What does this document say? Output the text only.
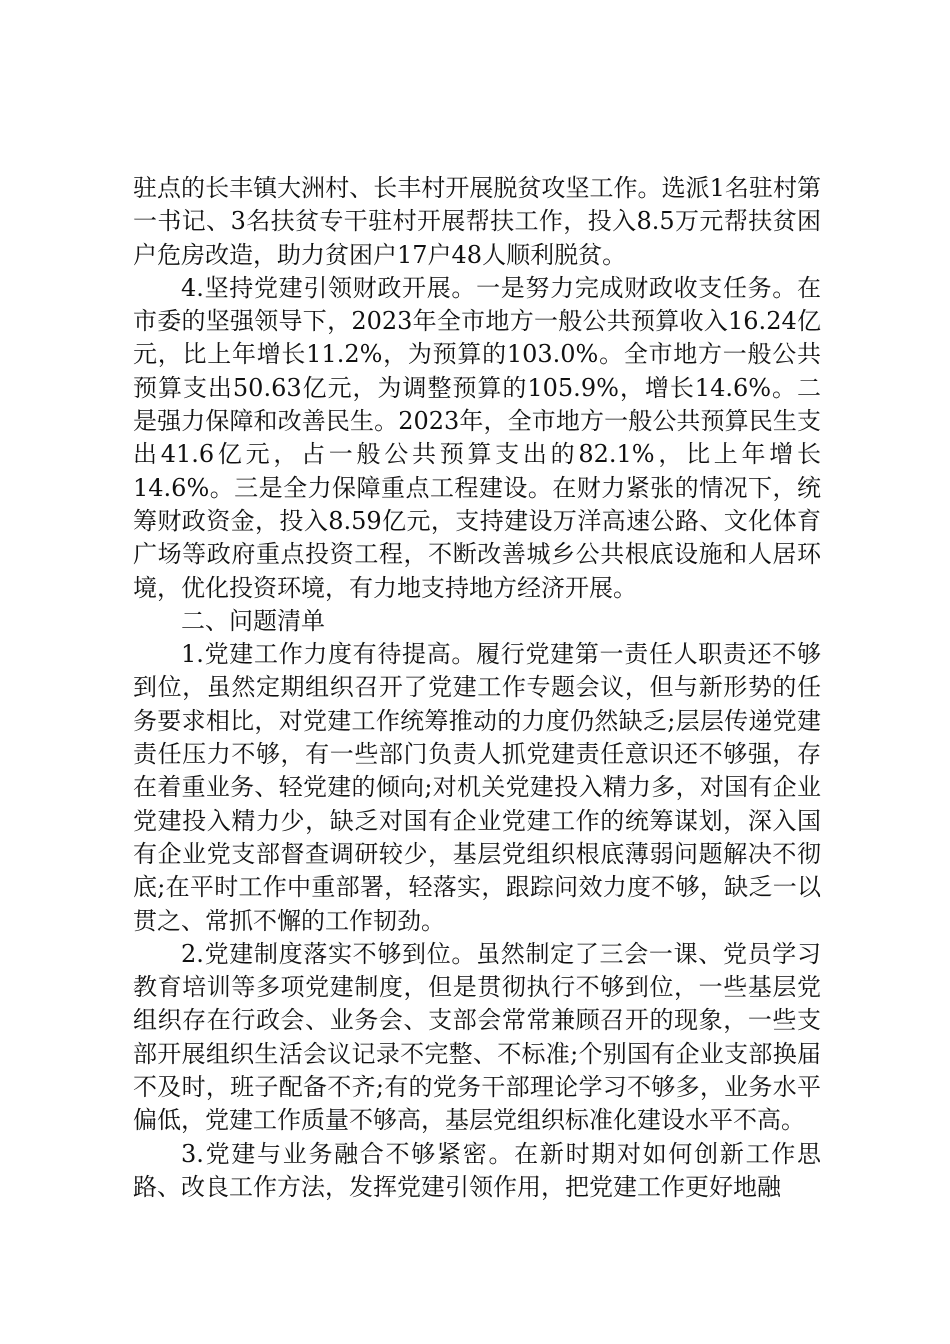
驻点的长丰镇大洲村、长丰村开展脱贫攻坚工作。选派1名驻村第一书记、3名扶贫专干驻村开展帮扶工作，投入8.5万元帮扶贫困户危房改造，助力贫困户17户48人顺利脱贫。

4.坚持党建引领财政开展。一是努力完成财政收支任务。在市委的坚强领导下，2023年全市地方一般公共预算收入16.24亿元，比上年增长11.2%，为预算的103.0%。全市地方一般公共预算支出50.63亿元，为调整预算的105.9%，增长14.6%。二是强力保障和改善民生。2023年，全市地方一般公共预算民生支出41.6亿元，占一般公共预算支出的82.1%，比上年增长14.6%。三是全力保障重点工程建设。在财力紧张的情况下，统筹财政资金，投入8.59亿元，支持建设万洋高速公路、文化体育广场等政府重点投资工程，不断改善城乡公共根底设施和人居环境，优化投资环境，有力地支持地方经济开展。

二、问题清单

1.党建工作力度有待提高。履行党建第一责任人职责还不够到位，虽然定期组织召开了党建工作专题会议，但与新形势的任务要求相比，对党建工作统筹推动的力度仍然缺乏;层层传递党建责任压力不够，有一些部门负责人抓党建责任意识还不够强，存在着重业务、轻党建的倾向;对机关党建投入精力多，对国有企业党建投入精力少，缺乏对国有企业党建工作的统筹谋划，深入国有企业党支部督查调研较少，基层党组织根底薄弱问题解决不彻底;在平时工作中重部署，轻落实，跟踪问效力度不够，缺乏一以贯之、常抓不懈的工作韧劲。

2.党建制度落实不够到位。虽然制定了三会一课、党员学习教育培训等多项党建制度，但是贯彻执行不够到位，一些基层党组织存在行政会、业务会、支部会常常兼顾召开的现象，一些支部开展组织生活会议记录不完整、不标准;个别国有企业支部换届不及时，班子配备不齐;有的党务干部理论学习不够多，业务水平偏低，党建工作质量不够高，基层党组织标准化建设水平不高。

3.党建与业务融合不够紧密。在新时期对如何创新工作思路、改良工作方法，发挥党建引领作用，把党建工作更好地融
